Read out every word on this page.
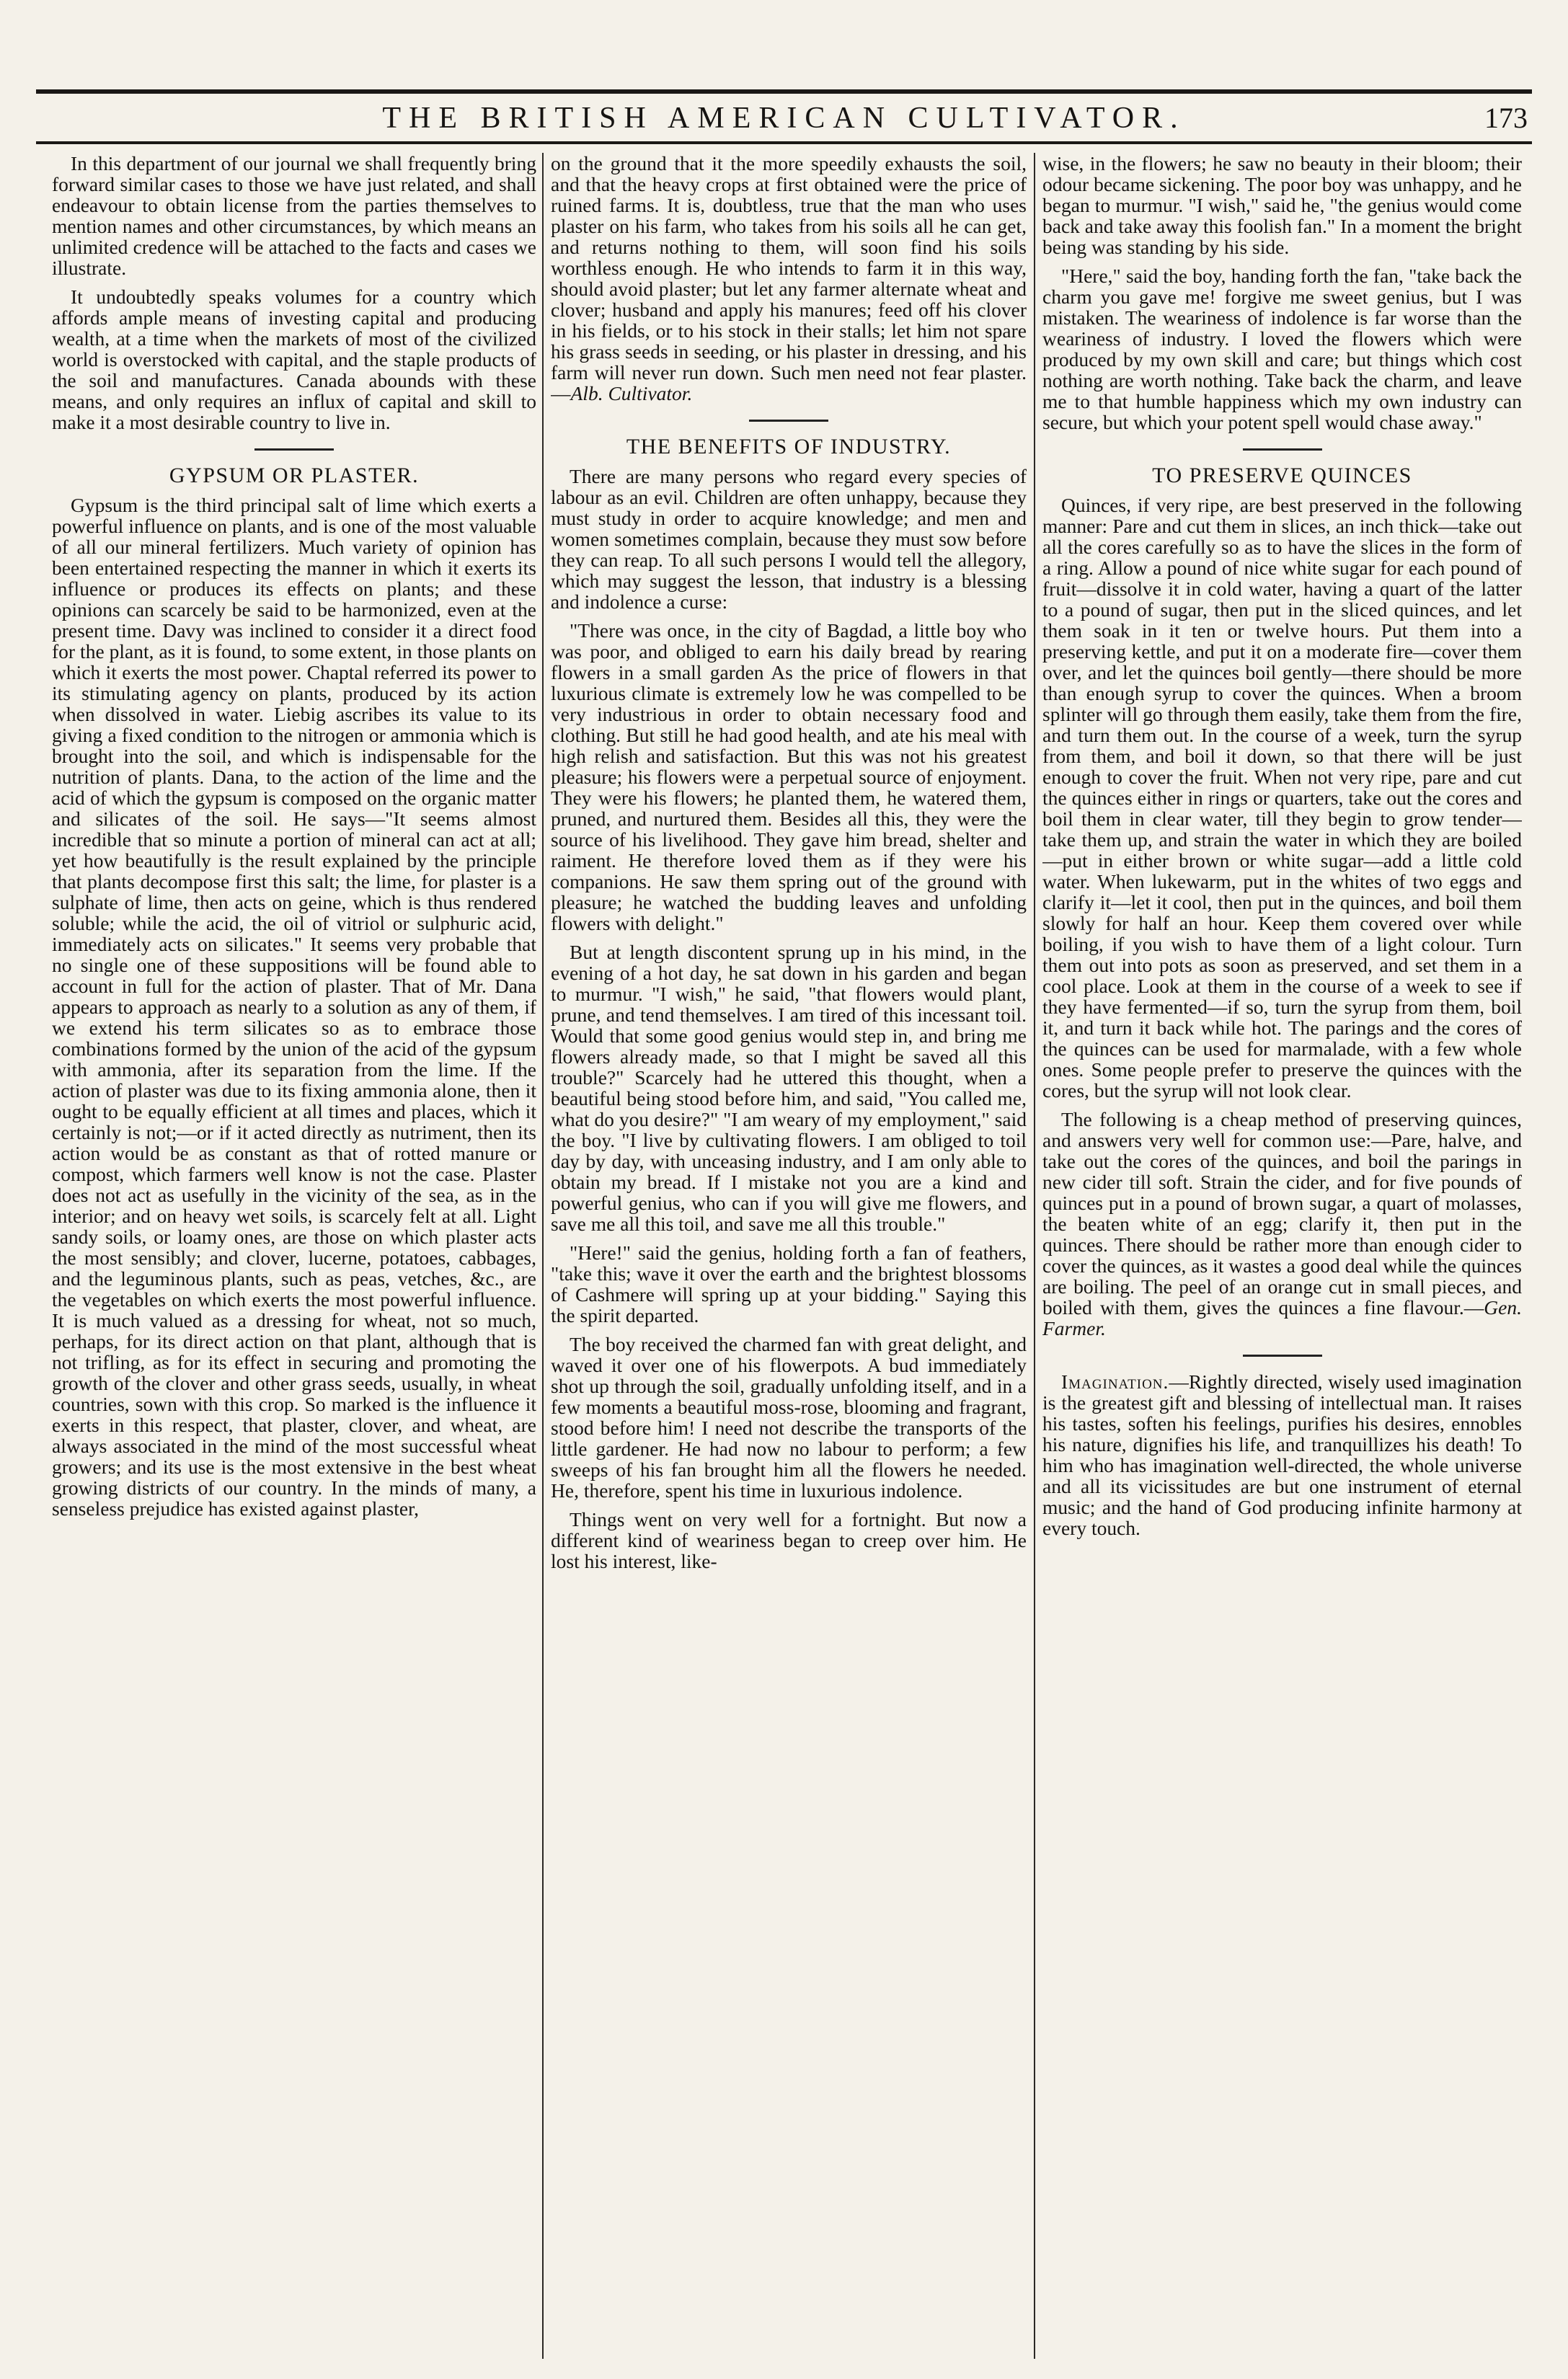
THE BRITISH AMERICAN CULTIVATOR.	173

In this department of our journal we shall frequently bring forward similar cases to those we have just related, and shall endeavour to obtain license from the parties themselves to mention names and other circumstances, by which means an unlimited credence will be attached to the facts and cases we illustrate.

It undoubtedly speaks volumes for a country which affords ample means of investing capital and producing wealth, at a time when the markets of most of the civilized world is overstocked with capital, and the staple products of the soil and manufactures. Canada abounds with these means, and only requires an influx of capital and skill to make it a most desirable country to live in.

GYPSUM OR PLASTER.

Gypsum is the third principal salt of lime which exerts a powerful influence on plants, and is one of the most valuable of all our mineral fertilizers. Much variety of opinion has been entertained respecting the manner in which it exerts its influence or produces its effects on plants; and these opinions can scarcely be said to be harmonized, even at the present time. Davy was inclined to consider it a direct food for the plant, as it is found, to some extent, in those plants on which it exerts the most power. Chaptal referred its power to its stimulating agency on plants, produced by its action when dissolved in water. Liebig ascribes its value to its giving a fixed condition to the nitrogen or ammonia which is brought into the soil, and which is indispensable for the nutrition of plants. Dana, to the action of the lime and the acid of which the gypsum is composed on the organic matter and silicates of the soil. He says—"It seems almost incredible that so minute a portion of mineral can act at all; yet how beautifully is the result explained by the principle that plants decompose first this salt; the lime, for plaster is a sulphate of lime, then acts on geine, which is thus rendered soluble; while the acid, the oil of vitriol or sulphuric acid, immediately acts on silicates." It seems very probable that no single one of these suppositions will be found able to account in full for the action of plaster. That of Mr. Dana appears to approach as nearly to a solution as any of them, if we extend his term silicates so as to embrace those combinations formed by the union of the acid of the gypsum with ammonia, after its separation from the lime. If the action of plaster was due to its fixing ammonia alone, then it ought to be equally efficient at all times and places, which it certainly is not;—or if it acted directly as nutriment, then its action would be as constant as that of rotted manure or compost, which farmers well know is not the case. Plaster does not act as usefully in the vicinity of the sea, as in the interior; and on heavy wet soils, is scarcely felt at all. Light sandy soils, or loamy ones, are those on which plaster acts the most sensibly; and clover, lucerne, potatoes, cabbages, and the leguminous plants, such as peas, vetches, &c., are the vegetables on which exerts the most powerful influence. It is much valued as a dressing for wheat, not so much, perhaps, for its direct action on that plant, although that is not trifling, as for its effect in securing and promoting the growth of the clover and other grass seeds, usually, in wheat countries, sown with this crop. So marked is the influence it exerts in this respect, that plaster, clover, and wheat, are always associated in the mind of the most successful wheat growers; and its use is the most extensive in the best wheat growing districts of our country. In the minds of many, a senseless prejudice has existed against plaster,

on the ground that it the more speedily exhausts the soil, and that the heavy crops at first obtained were the price of ruined farms. It is, doubtless, true that the man who uses plaster on his farm, who takes from his soils all he can get, and returns nothing to them, will soon find his soils worthless enough. He who intends to farm it in this way, should avoid plaster; but let any farmer alternate wheat and clover; husband and apply his manures; feed off his clover in his fields, or to his stock in their stalls; let him not spare his grass seeds in seeding, or his plaster in dressing, and his farm will never run down. Such men need not fear plaster.—Alb. Cultivator.

THE BENEFITS OF INDUSTRY.

There are many persons who regard every species of labour as an evil. Children are often unhappy, because they must study in order to acquire knowledge; and men and women sometimes complain, because they must sow before they can reap. To all such persons I would tell the allegory, which may suggest the lesson, that industry is a blessing and indolence a curse:

"There was once, in the city of Bagdad, a little boy who was poor, and obliged to earn his daily bread by rearing flowers in a small garden As the price of flowers in that luxurious climate is extremely low he was compelled to be very industrious in order to obtain necessary food and clothing. But still he had good health, and ate his meal with high relish and satisfaction. But this was not his greatest pleasure; his flowers were a perpetual source of enjoyment. They were his flowers; he planted them, he watered them, pruned, and nurtured them. Besides all this, they were the source of his livelihood. They gave him bread, shelter and raiment. He therefore loved them as if they were his companions. He saw them spring out of the ground with pleasure; he watched the budding leaves and unfolding flowers with delight."

But at length discontent sprung up in his mind, in the evening of a hot day, he sat down in his garden and began to murmur. "I wish," he said, "that flowers would plant, prune, and tend themselves. I am tired of this incessant toil. Would that some good genius would step in, and bring me flowers already made, so that I might be saved all this trouble?" Scarcely had he uttered this thought, when a beautiful being stood before him, and said, "You called me, what do you desire?" "I am weary of my employment," said the boy. "I live by cultivating flowers. I am obliged to toil day by day, with unceasing industry, and I am only able to obtain my bread. If I mistake not you are a kind and powerful genius, who can if you will give me flowers, and save me all this toil, and save me all this trouble."

"Here!" said the genius, holding forth a fan of feathers, "take this; wave it over the earth and the brightest blossoms of Cashmere will spring up at your bidding." Saying this the spirit departed.

The boy received the charmed fan with great delight, and waved it over one of his flowerpots. A bud immediately shot up through the soil, gradually unfolding itself, and in a few moments a beautiful moss-rose, blooming and fragrant, stood before him! I need not describe the transports of the little gardener. He had now no labour to perform; a few sweeps of his fan brought him all the flowers he needed. He, therefore, spent his time in luxurious indolence.

Things went on very well for a fortnight. But now a different kind of weariness began to creep over him. He lost his interest, like-

wise, in the flowers; he saw no beauty in their bloom; their odour became sickening. The poor boy was unhappy, and he began to murmur. "I wish," said he, "the genius would come back and take away this foolish fan." In a moment the bright being was standing by his side.

"Here," said the boy, handing forth the fan, "take back the charm you gave me! forgive me sweet genius, but I was mistaken. The weariness of indolence is far worse than the weariness of industry. I loved the flowers which were produced by my own skill and care; but things which cost nothing are worth nothing. Take back the charm, and leave me to that humble happiness which my own industry can secure, but which your potent spell would chase away."

TO PRESERVE QUINCES

Quinces, if very ripe, are best preserved in the following manner: Pare and cut them in slices, an inch thick—take out all the cores carefully so as to have the slices in the form of a ring. Allow a pound of nice white sugar for each pound of fruit—dissolve it in cold water, having a quart of the latter to a pound of sugar, then put in the sliced quinces, and let them soak in it ten or twelve hours. Put them into a preserving kettle, and put it on a moderate fire—cover them over, and let the quinces boil gently—there should be more than enough syrup to cover the quinces. When a broom splinter will go through them easily, take them from the fire, and turn them out. In the course of a week, turn the syrup from them, and boil it down, so that there will be just enough to cover the fruit. When not very ripe, pare and cut the quinces either in rings or quarters, take out the cores and boil them in clear water, till they begin to grow tender—take them up, and strain the water in which they are boiled—put in either brown or white sugar—add a little cold water. When lukewarm, put in the whites of two eggs and clarify it—let it cool, then put in the quinces, and boil them slowly for half an hour. Keep them covered over while boiling, if you wish to have them of a light colour. Turn them out into pots as soon as preserved, and set them in a cool place. Look at them in the course of a week to see if they have fermented—if so, turn the syrup from them, boil it, and turn it back while hot. The parings and the cores of the quinces can be used for marmalade, with a few whole ones. Some people prefer to preserve the quinces with the cores, but the syrup will not look clear.

The following is a cheap method of preserving quinces, and answers very well for common use:—Pare, halve, and take out the cores of the quinces, and boil the parings in new cider till soft. Strain the cider, and for five pounds of quinces put in a pound of brown sugar, a quart of molasses, the beaten white of an egg; clarify it, then put in the quinces. There should be rather more than enough cider to cover the quinces, as it wastes a good deal while the quinces are boiling. The peel of an orange cut in small pieces, and boiled with them, gives the quinces a fine flavour.—Gen. Farmer.

Imagination.—Rightly directed, wisely used imagination is the greatest gift and blessing of intellectual man. It raises his tastes, soften his feelings, purifies his desires, ennobles his nature, dignifies his life, and tranquillizes his death! To him who has imagination well-directed, the whole universe and all its vicissitudes are but one instrument of eternal music; and the hand of God producing infinite harmony at every touch.
